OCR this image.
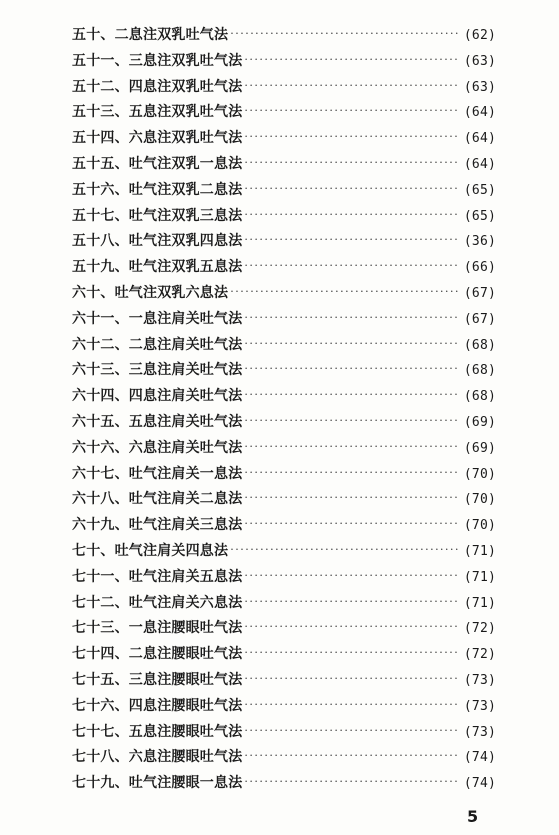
五十、二息注双乳吐气法 ·····	(62)
五十一、三息注双乳吐气法 ·····	(63)
五十二、四息注双乳吐气法 ·····	(63)
五十三、五息注双乳吐气法 ·····	(64)
五十四、六息注双乳吐气法 ·····	(64)
五十五、吐气注双乳一息法 ·····	(64)
五十六、吐气注双乳二息法 ·····	(65)
五十七、吐气注双乳三息法 ·····	(65)
五十八、吐气注双乳四息法 ·····	(36)
五十九、吐气注双乳五息法 ·····	(66)
六十、吐气注双乳六息法 ·····	(67)
六十一、一息注肩关吐气法 ·····	(67)
六十二、二息注肩关吐气法 ·····	(68)
六十三、三息注肩关吐气法 ·····	(68)
六十四、四息注肩关吐气法 ·····	(68)
六十五、五息注肩关吐气法 ·····	(69)
六十六、六息注肩关吐气法 ·····	(69)
六十七、吐气注肩关一息法 ·····	(70)
六十八、吐气注肩关二息法 ·····	(70)
六十九、吐气注肩关三息法 ·····	(70)
七十、吐气注肩关四息法 ·····	(71)
七十一、吐气注肩关五息法 ·····	(71)
七十二、吐气注肩关六息法 ·····	(71)
七十三、一息注腰眼吐气法 ·····	(72)
七十四、二息注腰眼吐气法 ·····	(72)
七十五、三息注腰眼吐气法 ·····	(73)
七十六、四息注腰眼吐气法 ·····	(73)
七十七、五息注腰眼吐气法 ·····	(73)
七十八、六息注腰眼吐气法 ·····	(74)
七十九、吐气注腰眼一息法 ·····	(74)
5
